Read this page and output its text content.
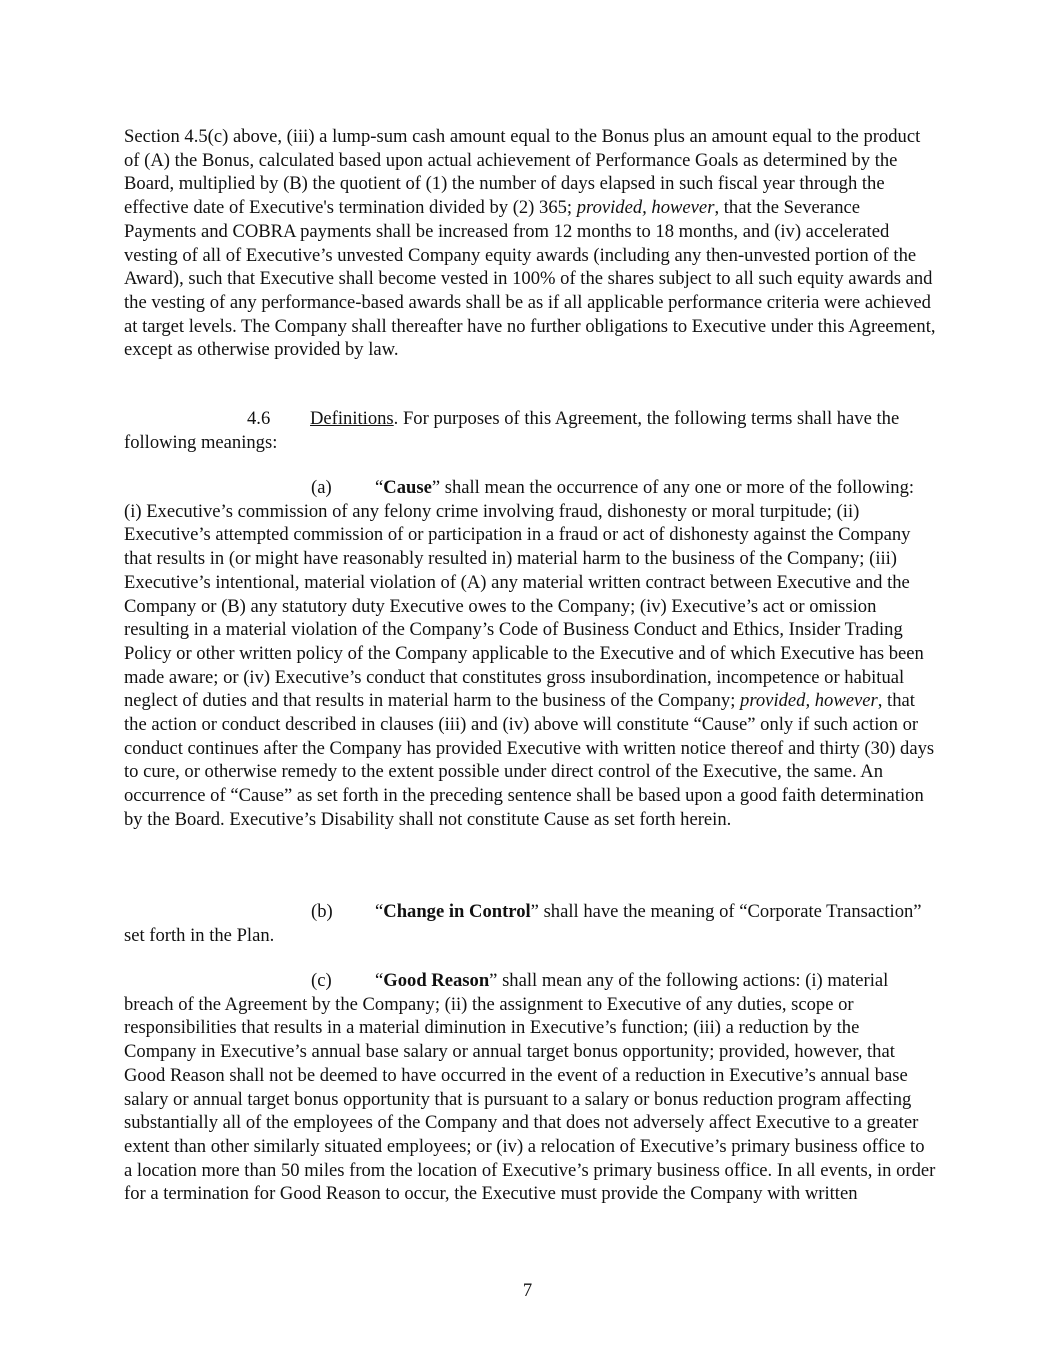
Section 4.5(c) above, (iii) a lump-sum cash amount equal to the Bonus plus an amount equal to the product of (A) the Bonus, calculated based upon actual achievement of Performance Goals as determined by the Board, multiplied by (B) the quotient of (1) the number of days elapsed in such fiscal year through the effective date of Executive's termination divided by (2) 365; provided, however, that the Severance Payments and COBRA payments shall be increased from 12 months to 18 months, and (iv) accelerated vesting of all of Executive’s unvested Company equity awards (including any then-unvested portion of the Award), such that Executive shall become vested in 100% of the shares subject to all such equity awards and the vesting of any performance-based awards shall be as if all applicable performance criteria were achieved at target levels. The Company shall thereafter have no further obligations to Executive under this Agreement, except as otherwise provided by law.

4.6 Definitions. For purposes of this Agreement, the following terms shall have the following meanings:

(a) “Cause” shall mean the occurrence of any one or more of the following: (i) Executive’s commission of any felony crime involving fraud, dishonesty or moral turpitude; (ii) Executive’s attempted commission of or participation in a fraud or act of dishonesty against the Company that results in (or might have reasonably resulted in) material harm to the business of the Company; (iii) Executive’s intentional, material violation of (A) any material written contract between Executive and the Company or (B) any statutory duty Executive owes to the Company; (iv) Executive’s act or omission resulting in a material violation of the Company’s Code of Business Conduct and Ethics, Insider Trading Policy or other written policy of the Company applicable to the Executive and of which Executive has been made aware; or (iv) Executive’s conduct that constitutes gross insubordination, incompetence or habitual neglect of duties and that results in material harm to the business of the Company; provided, however, that the action or conduct described in clauses (iii) and (iv) above will constitute “Cause” only if such action or conduct continues after the Company has provided Executive with written notice thereof and thirty (30) days to cure, or otherwise remedy to the extent possible under direct control of the Executive, the same. An occurrence of “Cause” as set forth in the preceding sentence shall be based upon a good faith determination by the Board. Executive’s Disability shall not constitute Cause as set forth herein.

(b) “Change in Control” shall have the meaning of “Corporate Transaction” set forth in the Plan.

(c) “Good Reason” shall mean any of the following actions: (i) material breach of the Agreement by the Company; (ii) the assignment to Executive of any duties, scope or responsibilities that results in a material diminution in Executive’s function; (iii) a reduction by the Company in Executive’s annual base salary or annual target bonus opportunity; provided, however, that Good Reason shall not be deemed to have occurred in the event of a reduction in Executive’s annual base salary or annual target bonus opportunity that is pursuant to a salary or bonus reduction program affecting substantially all of the employees of the Company and that does not adversely affect Executive to a greater extent than other similarly situated employees; or (iv) a relocation of Executive’s primary business office to a location more than 50 miles from the location of Executive’s primary business office. In all events, in order for a termination for Good Reason to occur, the Executive must provide the Company with written

7
